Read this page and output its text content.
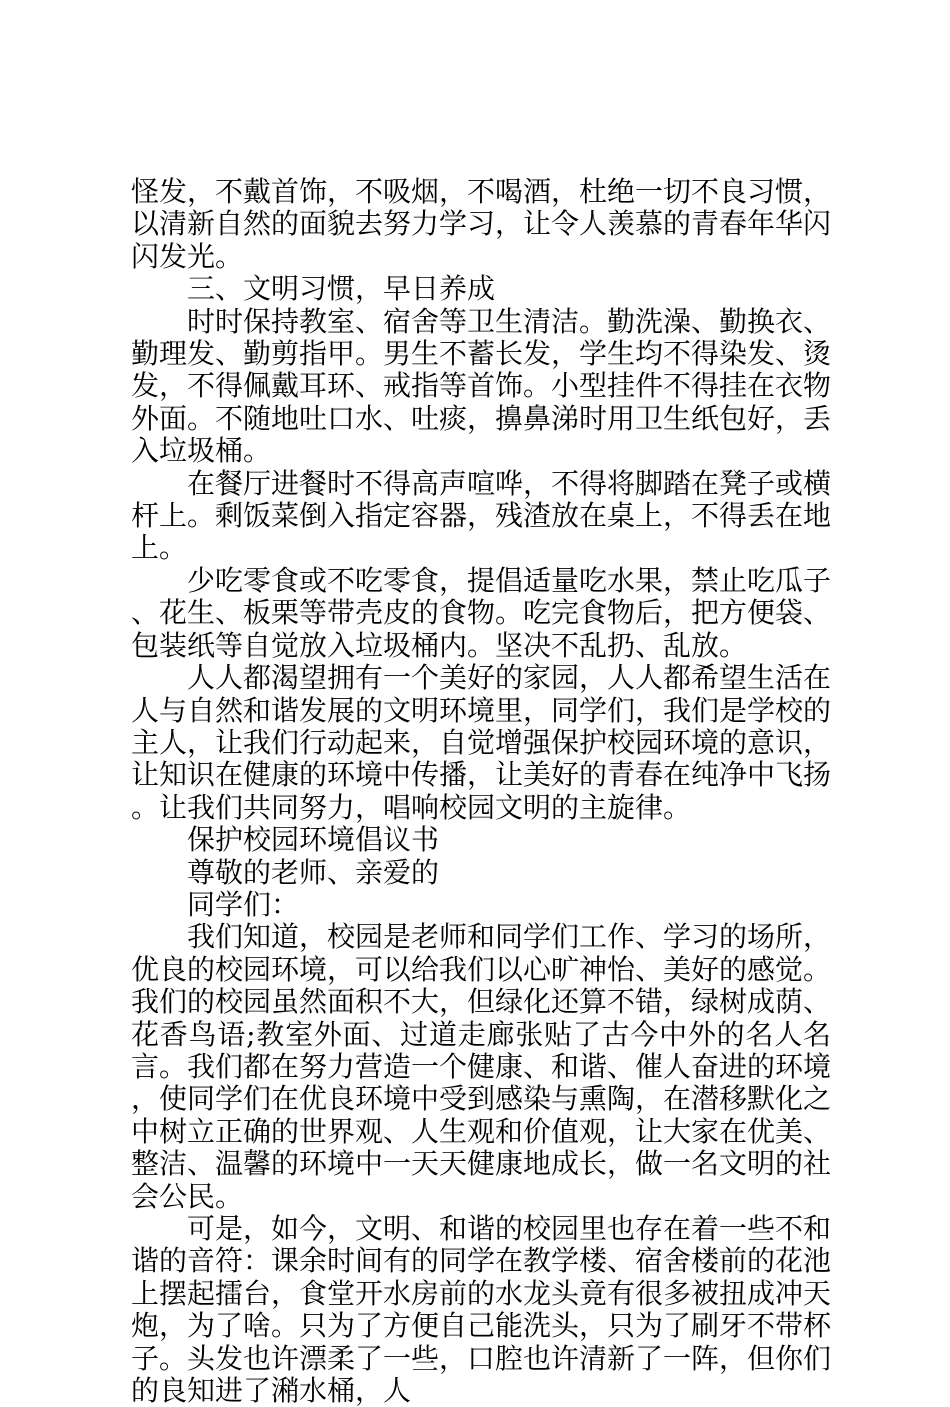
怪发，不戴首饰，不吸烟，不喝酒，杜绝一切不良习惯，以清新自然的面貌去努力学习，让令人羡慕的青春年华闪闪发光。

三、文明习惯，早日养成

时时保持教室、宿舍等卫生清洁。勤洗澡、勤换衣、勤理发、勤剪指甲。男生不蓄长发，学生均不得染发、烫发，不得佩戴耳环、戒指等首饰。小型挂件不得挂在衣物外面。不随地吐口水、吐痰，擤鼻涕时用卫生纸包好，丢入垃圾桶。

在餐厅进餐时不得高声喧哗，不得将脚踏在凳子或横杆上。剩饭菜倒入指定容器，残渣放在桌上，不得丢在地上。

少吃零食或不吃零食，提倡适量吃水果，禁止吃瓜子、花生、板栗等带壳皮的食物。吃完食物后，把方便袋、包装纸等自觉放入垃圾桶内。坚决不乱扔、乱放。

人人都渴望拥有一个美好的家园，人人都希望生活在人与自然和谐发展的文明环境里，同学们，我们是学校的主人，让我们行动起来，自觉增强保护校园环境的意识，让知识在健康的环境中传播，让美好的青春在纯净中飞扬。让我们共同努力，唱响校园文明的主旋律。

保护校园环境倡议书

尊敬的老师、亲爱的

同学们：

我们知道，校园是老师和同学们工作、学习的场所，优良的校园环境，可以给我们以心旷神怡、美好的感觉。我们的校园虽然面积不大，但绿化还算不错，绿树成荫、花香鸟语;教室外面、过道走廊张贴了古今中外的名人名言。我们都在努力营造一个健康、和谐、催人奋进的环境，使同学们在优良环境中受到感染与熏陶，在潜移默化之中树立正确的世界观、人生观和价值观，让大家在优美、整洁、温馨的环境中一天天健康地成长，做一名文明的社会公民。

可是，如今，文明、和谐的校园里也存在着一些不和谐的音符：课余时间有的同学在教学楼、宿舍楼前的花池上摆起擂台，食堂开水房前的水龙头竟有很多被扭成冲天炮，为了啥。只为了方便自己能洗头，只为了刷牙不带杯子。头发也许漂柔了一些，口腔也许清新了一阵，但你们的良知进了潲水桶，人
